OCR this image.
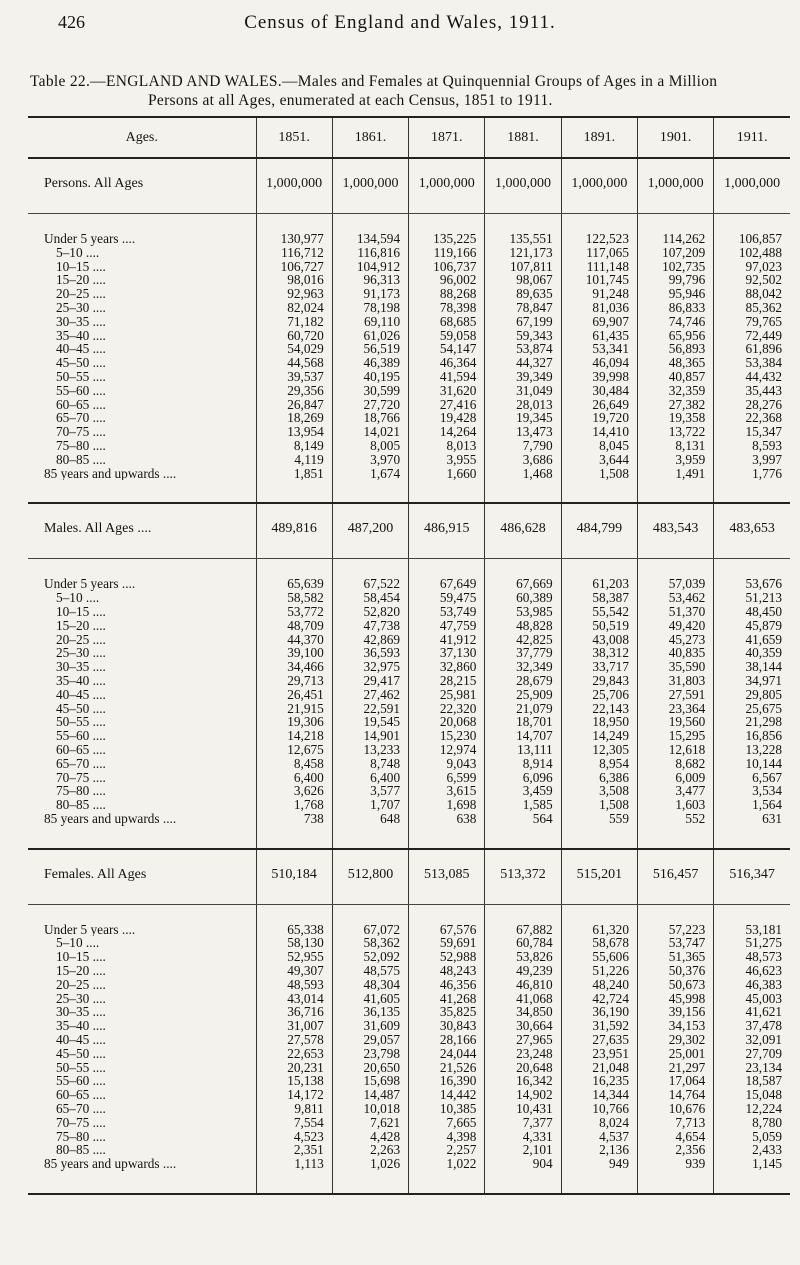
426	Census of England and Wales, 1911.
Table 22.—ENGLAND AND WALES.—Males and Females at Quinquennial Groups of Ages in a Million
Persons at all Ages, enumerated at each Census, 1851 to 1911.
Ages.	1851.	1861.	1871.	1881.	1891.	1901.	1911.
Persons. All Ages	1,000,000	1,000,000	1,000,000	1,000,000	1,000,000	1,000,000	1,000,000

Under 5 years ....	130,977	134,594	135,225	135,551	122,523	114,262	106,857
5–10 ....	116,712	116,816	119,166	121,173	117,065	107,209	102,488
10–15 ....	106,727	104,912	106,737	107,811	111,148	102,735	97,023
15–20 ....	98,016	96,313	96,002	98,067	101,745	99,796	92,502
20–25 ....	92,963	91,173	88,268	89,635	91,248	95,946	88,042
25–30 ....	82,024	78,198	78,398	78,847	81,036	86,833	85,362
30–35 ....	71,182	69,110	68,685	67,199	69,907	74,746	79,765
35–40 ....	60,720	61,026	59,058	59,343	61,435	65,956	72,449
40–45 ....	54,029	56,519	54,147	53,874	53,341	56,893	61,896
45–50 ....	44,568	46,389	46,364	44,327	46,094	48,365	53,384
50–55 ....	39,537	40,195	41,594	39,349	39,998	40,857	44,432
55–60 ....	29,356	30,599	31,620	31,049	30,484	32,359	35,443
60–65 ....	26,847	27,720	27,416	28,013	26,649	27,382	28,276
65–70 ....	18,269	18,766	19,428	19,345	19,720	19,358	22,368
70–75 ....	13,954	14,021	14,264	13,473	14,410	13,722	15,347
75–80 ....	8,149	8,005	8,013	7,790	8,045	8,131	8,593
80–85 ....	4,119	3,970	3,955	3,686	3,644	3,959	3,997
85 years and upwards ....	1,851	1,674	1,660	1,468	1,508	1,491	1,776

Males. All Ages ....	489,816	487,200	486,915	486,628	484,799	483,543	483,653

Under 5 years ....	65,639	67,522	67,649	67,669	61,203	57,039	53,676
5–10 ....	58,582	58,454	59,475	60,389	58,387	53,462	51,213
10–15 ....	53,772	52,820	53,749	53,985	55,542	51,370	48,450
15–20 ....	48,709	47,738	47,759	48,828	50,519	49,420	45,879
20–25 ....	44,370	42,869	41,912	42,825	43,008	45,273	41,659
25–30 ....	39,100	36,593	37,130	37,779	38,312	40,835	40,359
30–35 ....	34,466	32,975	32,860	32,349	33,717	35,590	38,144
35–40 ....	29,713	29,417	28,215	28,679	29,843	31,803	34,971
40–45 ....	26,451	27,462	25,981	25,909	25,706	27,591	29,805
45–50 ....	21,915	22,591	22,320	21,079	22,143	23,364	25,675
50–55 ....	19,306	19,545	20,068	18,701	18,950	19,560	21,298
55–60 ....	14,218	14,901	15,230	14,707	14,249	15,295	16,856
60–65 ....	12,675	13,233	12,974	13,111	12,305	12,618	13,228
65–70 ....	8,458	8,748	9,043	8,914	8,954	8,682	10,144
70–75 ....	6,400	6,400	6,599	6,096	6,386	6,009	6,567
75–80 ....	3,626	3,577	3,615	3,459	3,508	3,477	3,534
80–85 ....	1,768	1,707	1,698	1,585	1,508	1,603	1,564
85 years and upwards ....	738	648	638	564	559	552	631

Females. All Ages	510,184	512,800	513,085	513,372	515,201	516,457	516,347

Under 5 years ....	65,338	67,072	67,576	67,882	61,320	57,223	53,181
5–10 ....	58,130	58,362	59,691	60,784	58,678	53,747	51,275
10–15 ....	52,955	52,092	52,988	53,826	55,606	51,365	48,573
15–20 ....	49,307	48,575	48,243	49,239	51,226	50,376	46,623
20–25 ....	48,593	48,304	46,356	46,810	48,240	50,673	46,383
25–30 ....	43,014	41,605	41,268	41,068	42,724	45,998	45,003
30–35 ....	36,716	36,135	35,825	34,850	36,190	39,156	41,621
35–40 ....	31,007	31,609	30,843	30,664	31,592	34,153	37,478
40–45 ....	27,578	29,057	28,166	27,965	27,635	29,302	32,091
45–50 ....	22,653	23,798	24,044	23,248	23,951	25,001	27,709
50–55 ....	20,231	20,650	21,526	20,648	21,048	21,297	23,134
55–60 ....	15,138	15,698	16,390	16,342	16,235	17,064	18,587
60–65 ....	14,172	14,487	14,442	14,902	14,344	14,764	15,048
65–70 ....	9,811	10,018	10,385	10,431	10,766	10,676	12,224
70–75 ....	7,554	7,621	7,665	7,377	8,024	7,713	8,780
75–80 ....	4,523	4,428	4,398	4,331	4,537	4,654	5,059
80–85 ....	2,351	2,263	2,257	2,101	2,136	2,356	2,433
85 years and upwards ....	1,113	1,026	1,022	904	949	939	1,145
